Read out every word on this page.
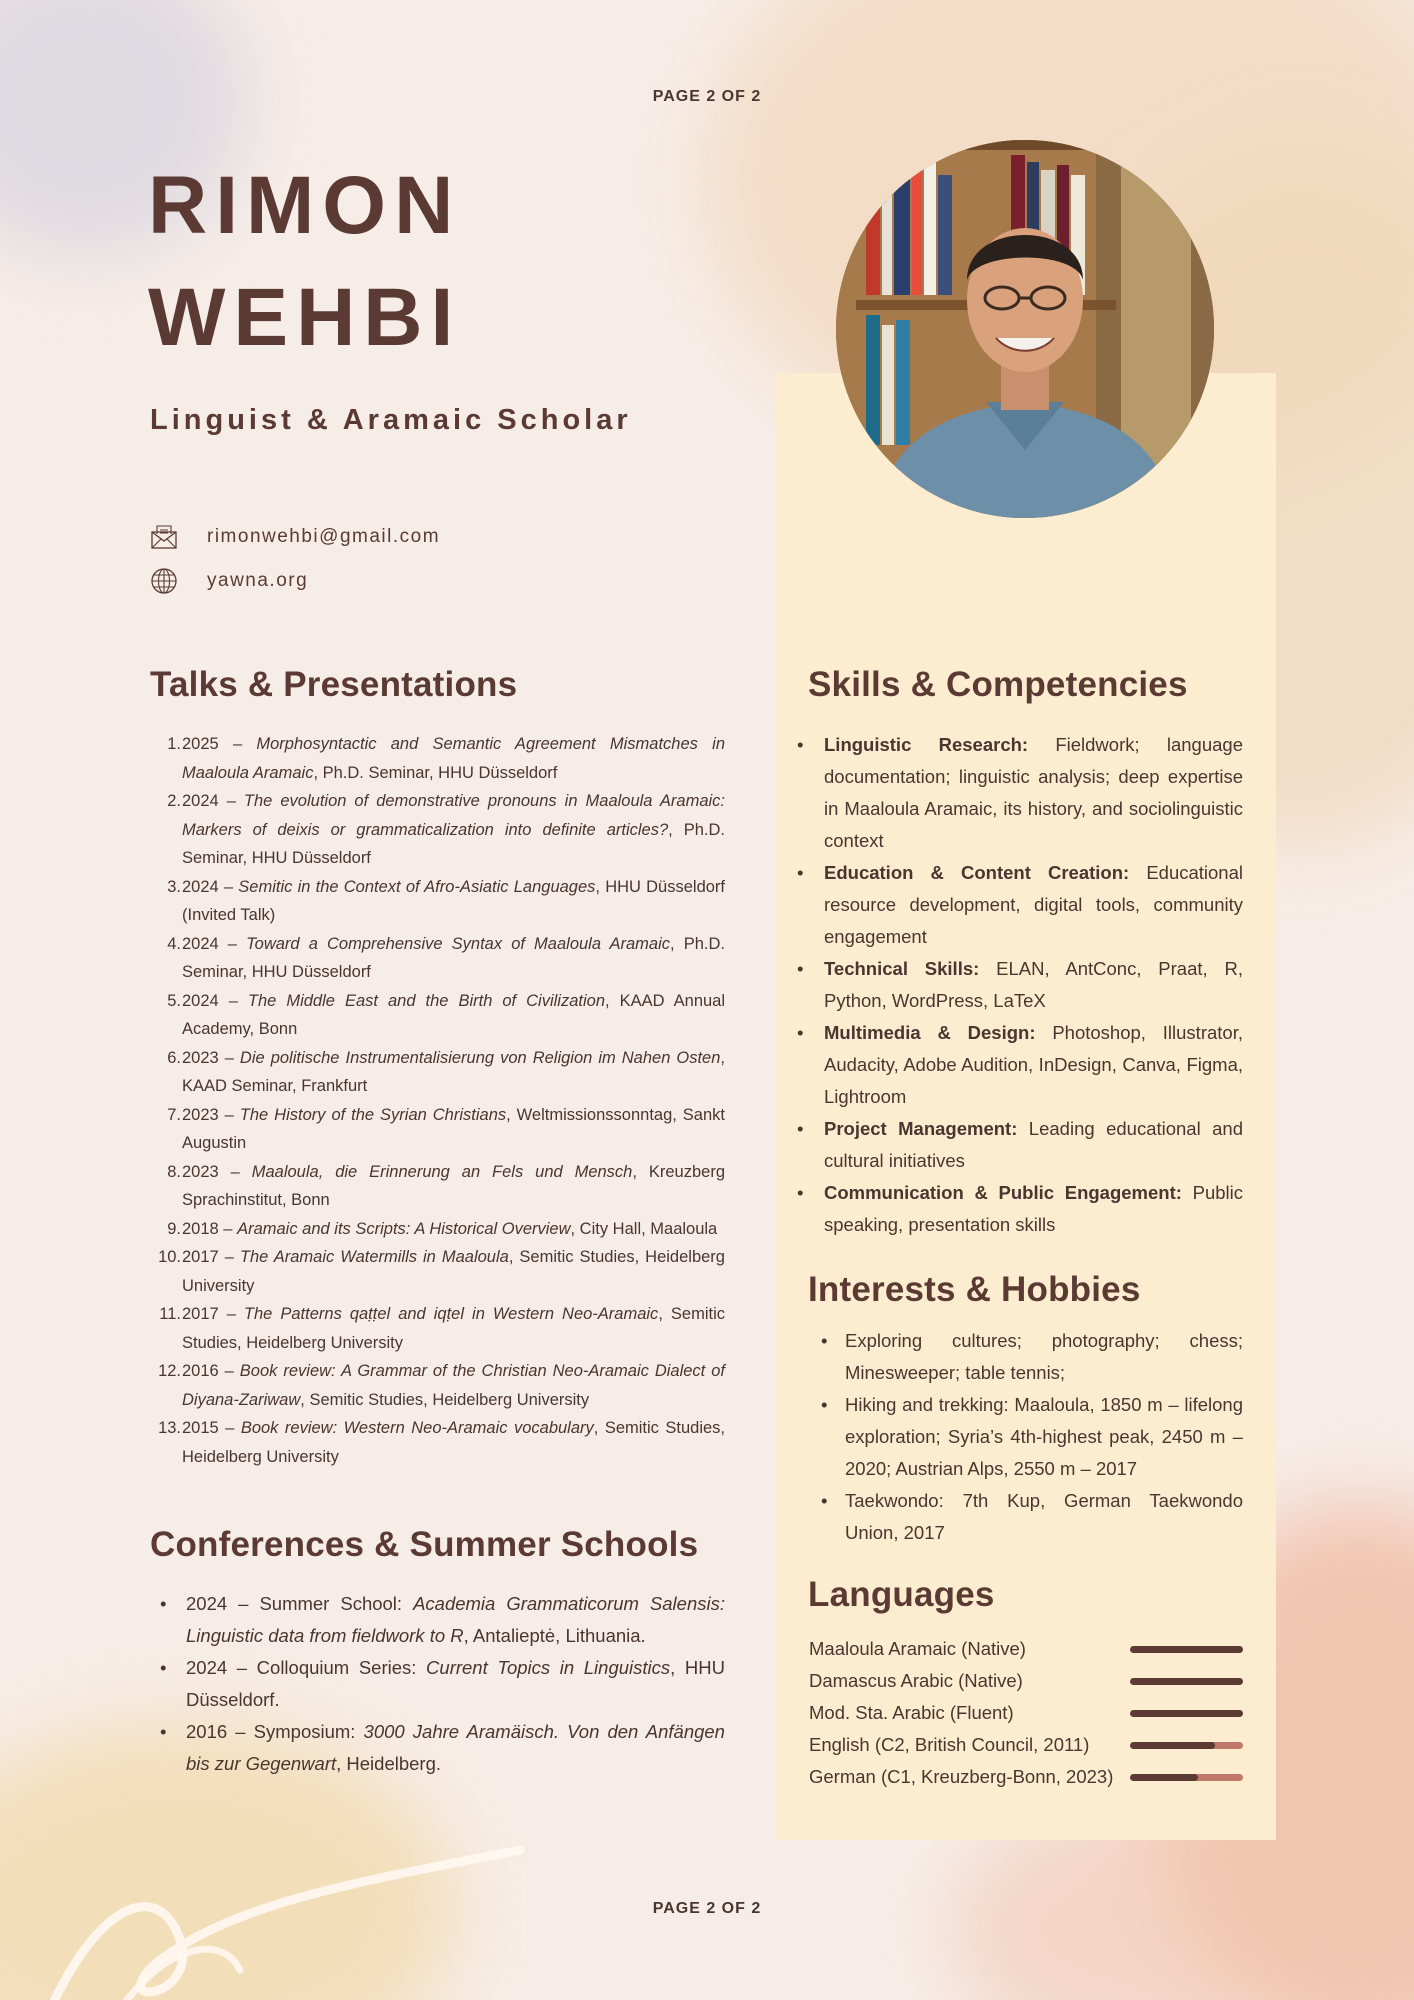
PAGE 2 OF 2
RIMON
WEHBI
Linguist & Aramaic Scholar
rimonwehbi@gmail.com
yawna.org
Talks & Presentations
1. 2025 – Morphosyntactic and Semantic Agreement Mismatches in Maaloula Aramaic, Ph.D. Seminar, HHU Düsseldorf
2. 2024 – The evolution of demonstrative pronouns in Maaloula Aramaic: Markers of deixis or grammaticalization into definite articles?, Ph.D. Seminar, HHU Düsseldorf
3. 2024 – Semitic in the Context of Afro-Asiatic Languages, HHU Düsseldorf (Invited Talk)
4. 2024 – Toward a Comprehensive Syntax of Maaloula Aramaic, Ph.D. Seminar, HHU Düsseldorf
5. 2024 – The Middle East and the Birth of Civilization, KAAD Annual Academy, Bonn
6. 2023 – Die politische Instrumentalisierung von Religion im Nahen Osten, KAAD Seminar, Frankfurt
7. 2023 – The History of the Syrian Christians, Weltmissionssonntag, Sankt Augustin
8. 2023 – Maaloula, die Erinnerung an Fels und Mensch, Kreuzberg Sprachinstitut, Bonn
9. 2018 – Aramaic and its Scripts: A Historical Overview, City Hall, Maaloula
10. 2017 – The Aramaic Watermills in Maaloula, Semitic Studies, Heidelberg University
11. 2017 – The Patterns qaṭṭel and iqṭel in Western Neo-Aramaic, Semitic Studies, Heidelberg University
12. 2016 – Book review: A Grammar of the Christian Neo-Aramaic Dialect of Diyana-Zariwaw, Semitic Studies, Heidelberg University
13. 2015 – Book review: Western Neo-Aramaic vocabulary, Semitic Studies, Heidelberg University
Conferences & Summer Schools
•	2024 – Summer School: Academia Grammaticorum Salensis: Linguistic data from fieldwork to R, Antalieptė, Lithuania.
•	2024 – Colloquium Series: Current Topics in Linguistics, HHU Düsseldorf.
•	2016 – Symposium: 3000 Jahre Aramäisch. Von den Anfängen bis zur Gegenwart, Heidelberg.
Skills & Competencies
•	Linguistic Research: Fieldwork; language documentation; linguistic analysis; deep expertise in Maaloula Aramaic, its history, and sociolinguistic context
•	Education & Content Creation: Educational resource development, digital tools, community engagement
•	Technical Skills: ELAN, AntConc, Praat, R, Python, WordPress, LaTeX
•	Multimedia & Design: Photoshop, Illustrator, Audacity, Adobe Audition, InDesign, Canva, Figma, Lightroom
•	Project Management: Leading educational and cultural initiatives
•	Communication & Public Engagement: Public speaking, presentation skills
Interests & Hobbies
• Exploring cultures; photography; chess; Minesweeper; table tennis;
• Hiking and trekking: Maaloula, 1850 m – lifelong exploration; Syria’s 4th-highest peak, 2450 m – 2020; Austrian Alps, 2550 m – 2017
• Taekwondo: 7th Kup, German Taekwondo Union, 2017
Languages
Maaloula Aramaic (Native)
Damascus Arabic (Native)
Mod. Sta. Arabic (Fluent)
English (C2, British Council, 2011)
German (C1, Kreuzberg-Bonn, 2023)
PAGE 2 OF 2
